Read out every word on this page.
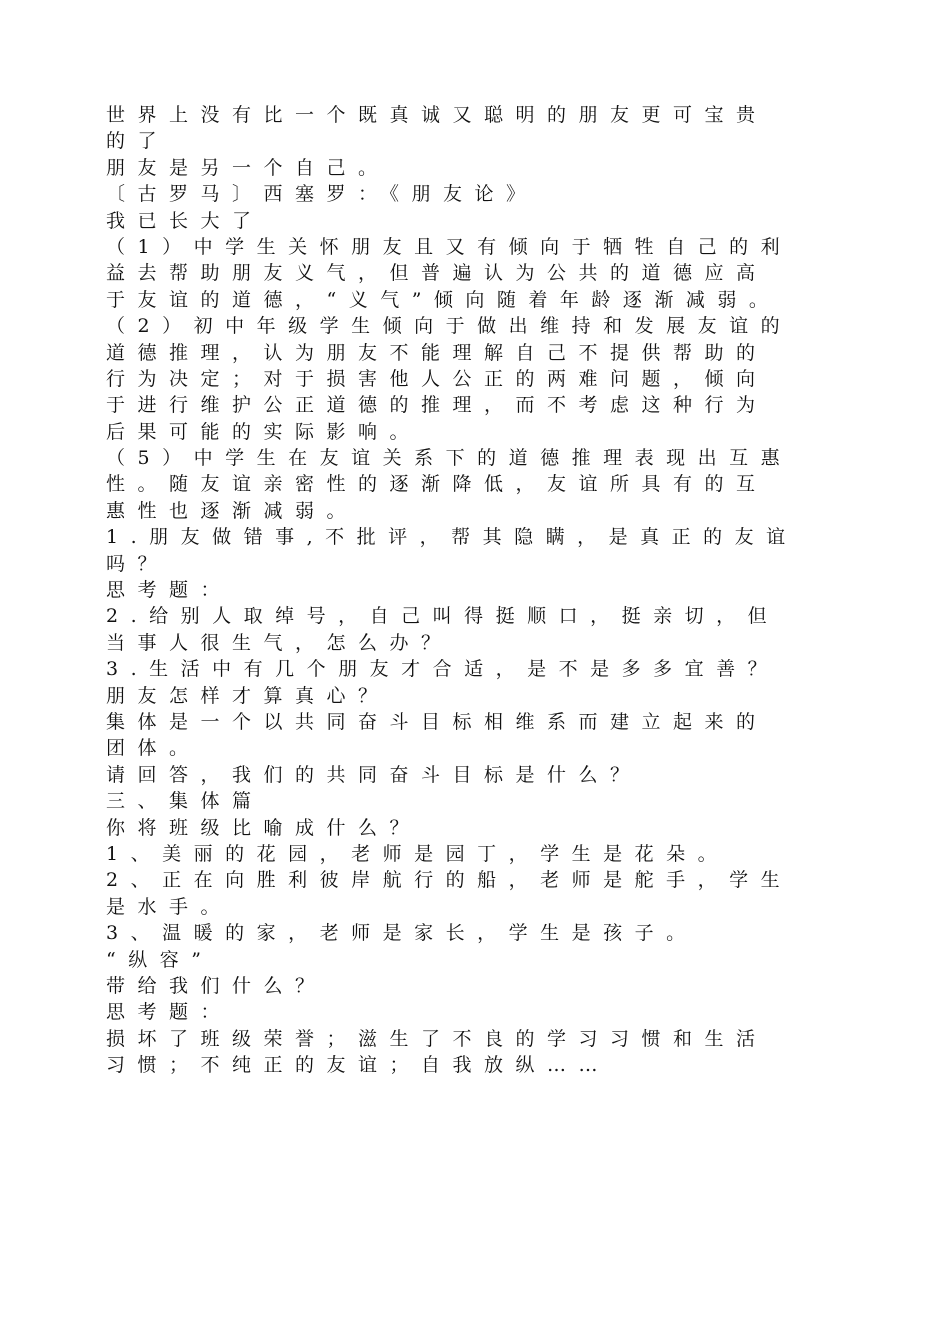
世界上没有比一个既真诚又聪明的朋友更可宝贵
的了
朋友是另一个自己。
〔古罗马〕西塞罗：《朋友论》
我已长大了
（1）中学生关怀朋友且又有倾向于牺牲自己的利
益去帮助朋友义气，但普遍认为公共的道德应高
于友谊的道德，“义气”倾向随着年龄逐渐减弱。
（2）初中年级学生倾向于做出维持和发展友谊的
道德推理，认为朋友不能理解自己不提供帮助的
行为决定；对于损害他人公正的两难问题，倾向
于进行维护公正道德的推理，而不考虑这种行为
后果可能的实际影响。
（5）中学生在友谊关系下的道德推理表现出互惠
性。随友谊亲密性的逐渐降低，友谊所具有的互
惠性也逐渐减弱。
1.朋友做错事,不批评，帮其隐瞒，是真正的友谊
吗？
思考题：
2.给别人取绰号，自己叫得挺顺口，挺亲切，但
当事人很生气，怎么办？
3.生活中有几个朋友才合适，是不是多多宜善？
朋友怎样才算真心？
集体是一个以共同奋斗目标相维系而建立起来的
团体。
请回答，我们的共同奋斗目标是什么？
三、集体篇
你将班级比喻成什么？
1、美丽的花园，老师是园丁，学生是花朵。
2、正在向胜利彼岸航行的船，老师是舵手，学生
是水手。
3、温暖的家，老师是家长，学生是孩子。
“纵容”
带给我们什么？
思考题：
损坏了班级荣誉；滋生了不良的学习习惯和生活
习惯；不纯正的友谊；自我放纵……
